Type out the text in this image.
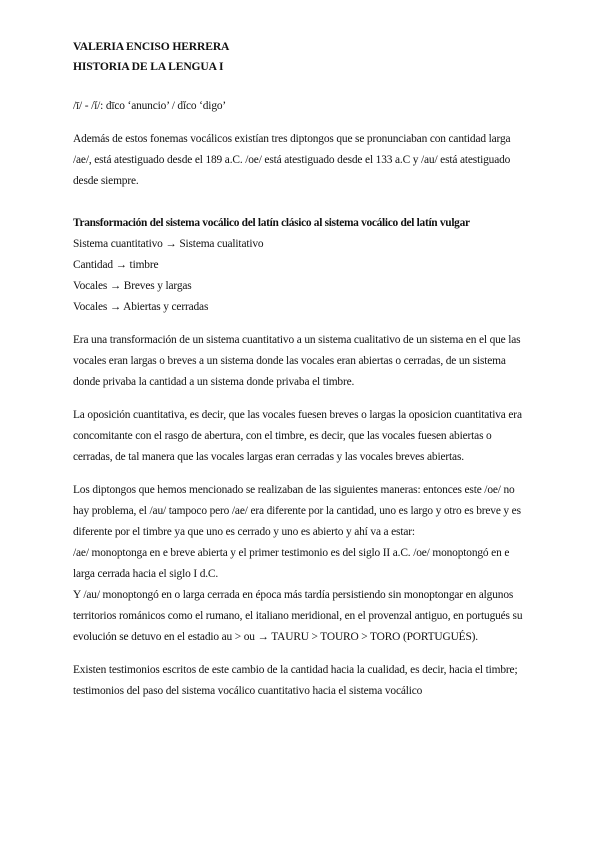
VALERIA ENCISO HERRERA
HISTORIA DE LA LENGUA I

/ī/ - /ĭ/: dīco ‘anuncio’ / dĭco ‘digo’

Además de estos fonemas vocálicos existían tres diptongos que se pronunciaban con cantidad larga /ae/, está atestiguado desde el 189 a.C. /oe/ está atestiguado desde el 133 a.C y /au/ está atestiguado desde siempre.

Transformación del sistema vocálico del latín clásico al sistema vocálico del latín vulgar

Sistema cuantitativo → Sistema cualitativo
Cantidad → timbre
Vocales → Breves y largas
Vocales → Abiertas y cerradas

Era una transformación de un sistema cuantitativo a un sistema cualitativo de un sistema en el que las vocales eran largas o breves a un sistema donde las vocales eran abiertas o cerradas, de un sistema donde privaba la cantidad a un sistema donde privaba el timbre.

La oposición cuantitativa, es decir, que las vocales fuesen breves o largas la oposicion cuantitativa era concomitante con el rasgo de abertura, con el timbre, es decir, que las vocales fuesen abiertas o cerradas, de tal manera que las vocales largas eran cerradas y las vocales breves abiertas.

Los diptongos que hemos mencionado se realizaban de las siguientes maneras: entonces este /oe/ no hay problema, el /au/ tampoco pero /ae/ era diferente por la cantidad, uno es largo y otro es breve y es diferente por el timbre ya que uno es cerrado y uno es abierto y ahí va a estar:
/ae/ monoptonga en e breve abierta y el primer testimonio es del siglo II a.C. /oe/ monoptongó en e larga cerrada hacia el siglo I d.C.
Y /au/ monoptongó en o larga cerrada en época más tardía persistiendo sin monoptongar en algunos territorios románicos como el rumano, el italiano meridional, en el provenzal antiguo, en portugués su evolución se detuvo en el estadio au > ou → TAURU > TOURO > TORO (PORTUGUÉS).

Existen testimonios escritos de este cambio de la cantidad hacia la cualidad, es decir, hacia el timbre; testimonios del paso del sistema vocálico cuantitativo hacia el sistema vocálico
